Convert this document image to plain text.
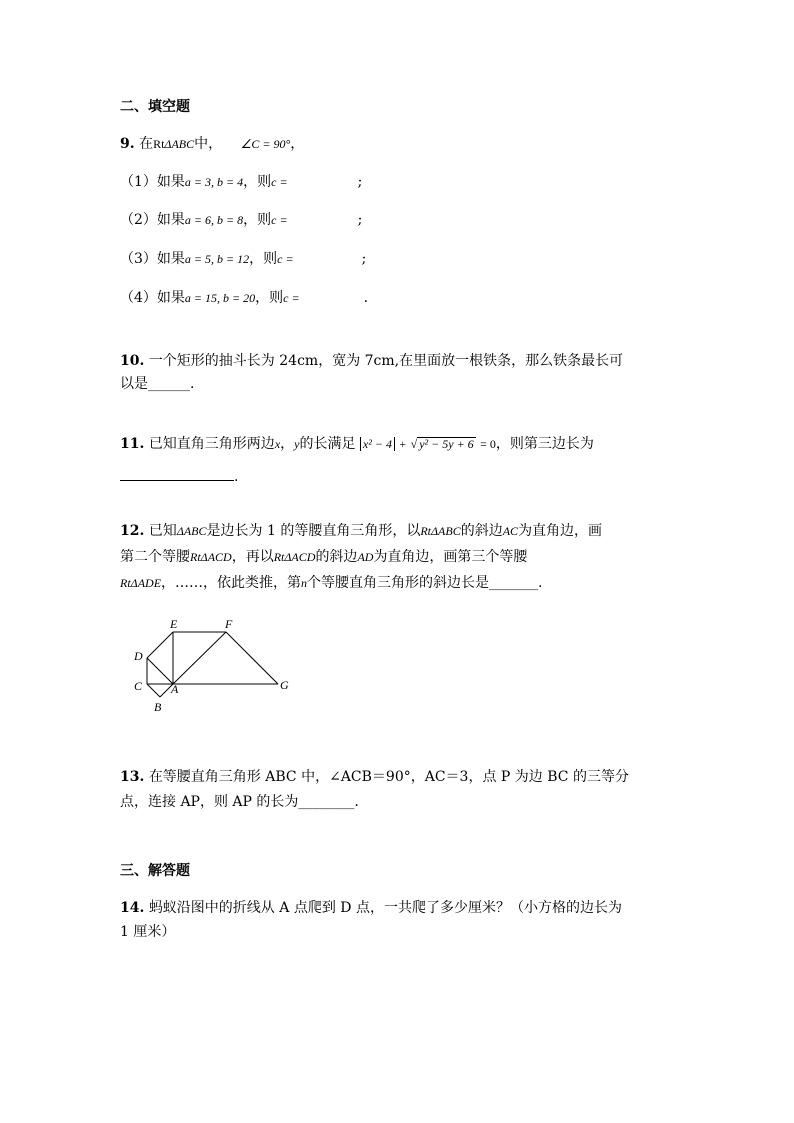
二、填空题
9. 在RtΔABC中， ∠C = 90°，
（1）如果a = 3, b = 4，则c =	;
（2）如果a = 6, b = 8，则c =	;
（3）如果a = 5, b = 12，则c =	;
（4）如果a = 15, b = 20，则c =	.
10. 一个矩形的抽斗长为 24cm，宽为 7cm,在里面放一根铁条，那么铁条最长可
以是______.
11. 已知直角三角形两边x，y的长满足 x² − 4 + √ y² − 5y + 6 = 0，则第三边长为
.
12. 已知ΔABC是边长为 1 的等腰直角三角形，以RtΔABC的斜边AC为直角边，画
第二个等腰RtΔACD，再以RtΔACD的斜边AD为直角边，画第三个等腰
RtΔADE，……，依此类推，第n个等腰直角三角形的斜边长是_______.
E	F
D
C A	G
B
13. 在等腰直角三角形 ABC 中，∠ACB＝90°，AC＝3，点 P 为边 BC 的三等分
点，连接 AP，则 AP 的长为________.
三、解答题
14. 蚂蚁沿图中的折线从 A 点爬到 D 点，一共爬了多少厘米？（小方格的边长为
1 厘米）
